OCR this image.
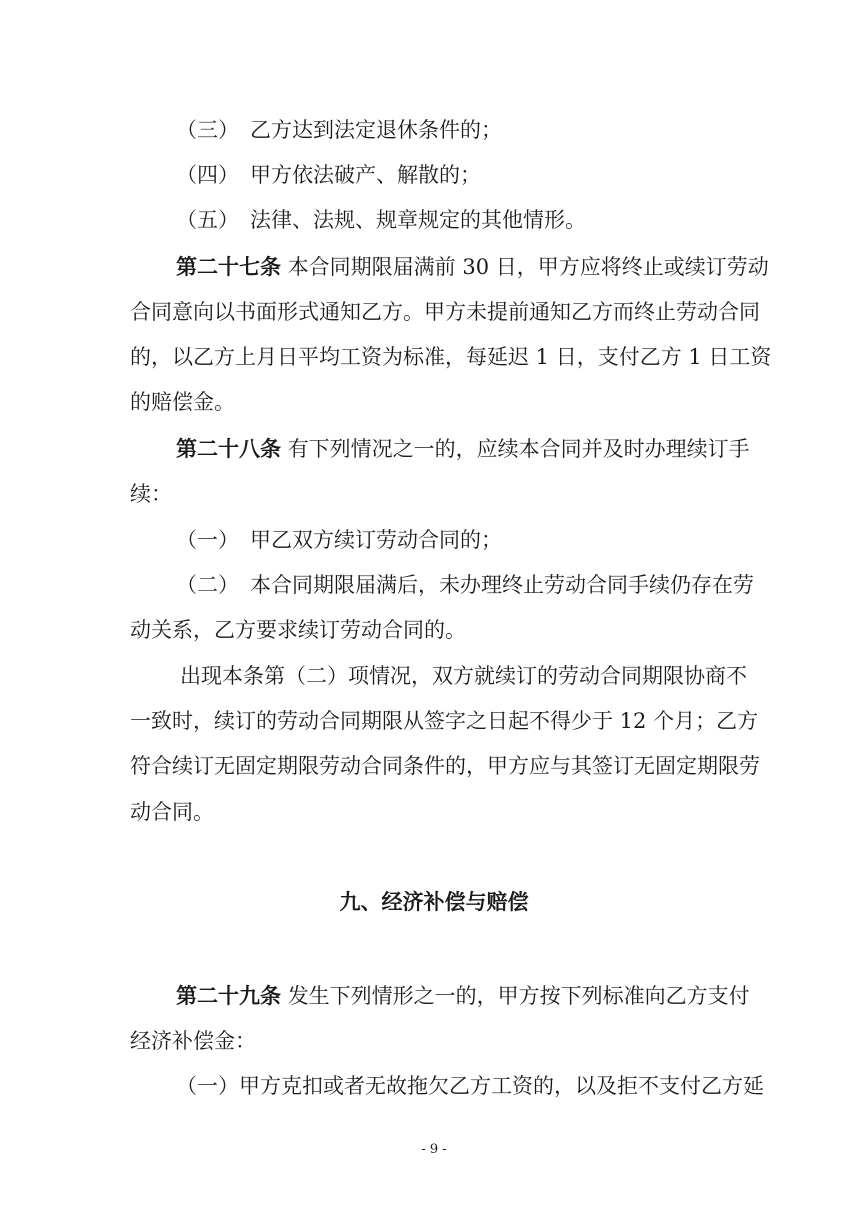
（三） 乙方达到法定退休条件的；
（四） 甲方依法破产、解散的；
（五） 法律、法规、规章规定的其他情形。
第二十七条 本合同期限届满前 30 日，甲方应将终止或续订劳动
合同意向以书面形式通知乙方。甲方未提前通知乙方而终止劳动合同
的，以乙方上月日平均工资为标准，每延迟 1 日，支付乙方 1 日工资
的赔偿金。
第二十八条 有下列情况之一的，应续本合同并及时办理续订手
续：
（一） 甲乙双方续订劳动合同的；
（二） 本合同期限届满后，未办理终止劳动合同手续仍存在劳
动关系，乙方要求续订劳动合同的。
出现本条第（二）项情况，双方就续订的劳动合同期限协商不
一致时，续订的劳动合同期限从签字之日起不得少于 12 个月；乙方
符合续订无固定期限劳动合同条件的，甲方应与其签订无固定期限劳
动合同。
九、经济补偿与赔偿
第二十九条 发生下列情形之一的，甲方按下列标准向乙方支付
经济补偿金：
（一）甲方克扣或者无故拖欠乙方工资的，以及拒不支付乙方延
- 9 -
